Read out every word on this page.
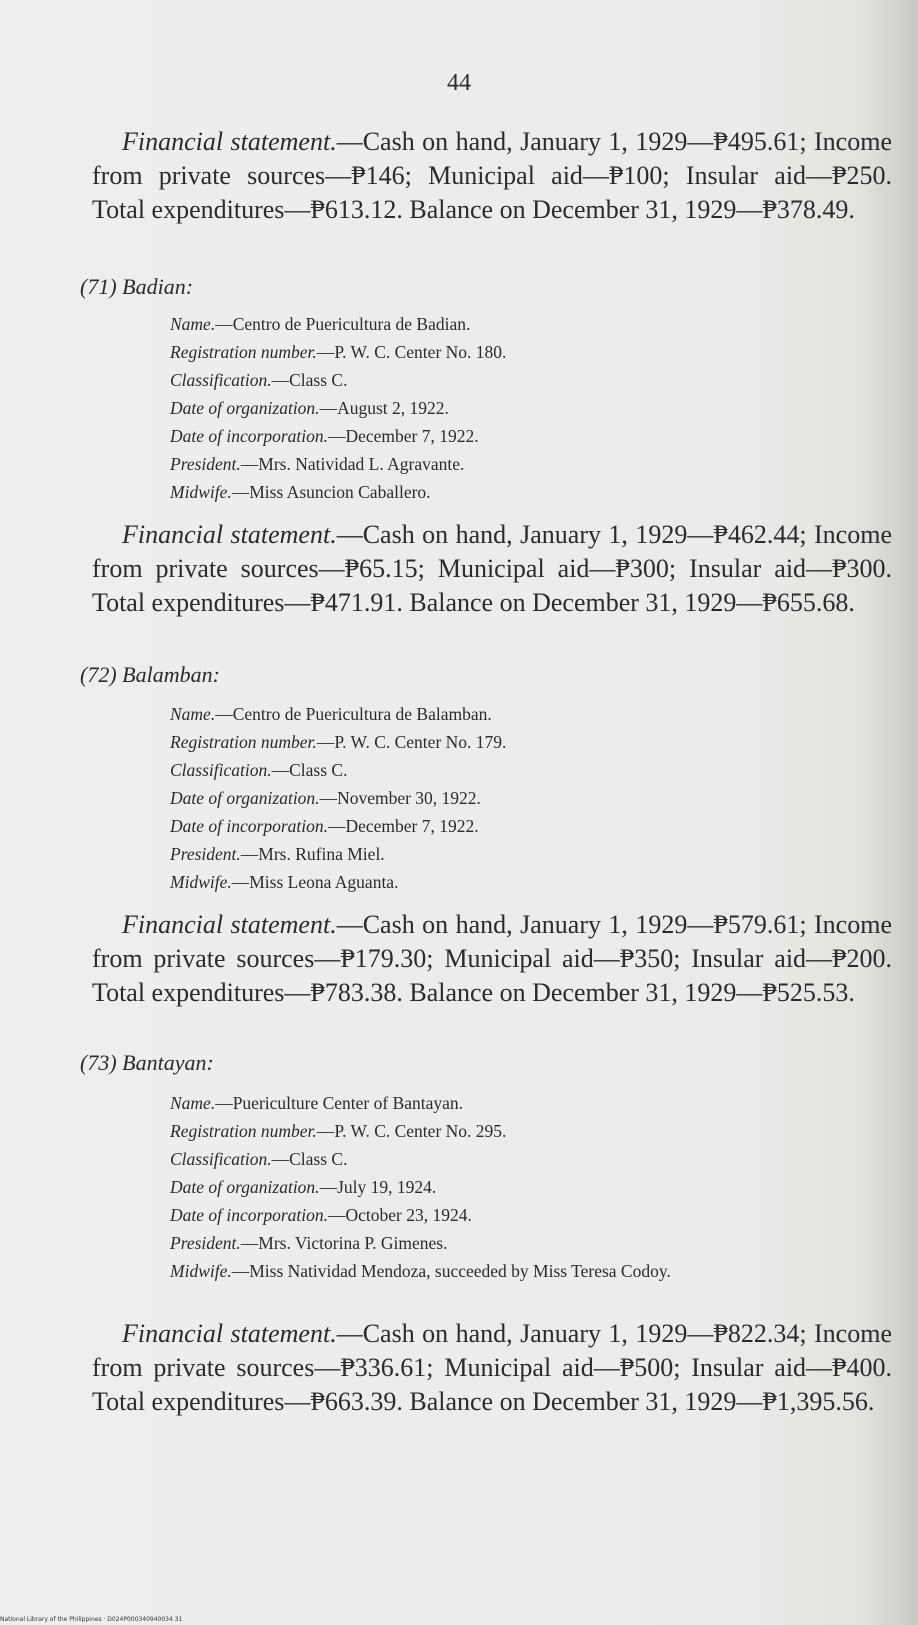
44

Financial statement.—Cash on hand, January 1, 1929—₱495.61; Income from private sources—₱146; Municipal aid—₱100; Insular aid—₱250. Total expenditures—₱613.12. Balance on December 31, 1929—₱378.49.

(71) Badian:
Name.—Centro de Puericultura de Badian.
Registration number.—P. W. C. Center No. 180.
Classification.—Class C.
Date of organization.—August 2, 1922.
Date of incorporation.—December 7, 1922.
President.—Mrs. Natividad L. Agravante.
Midwife.—Miss Asuncion Caballero.

Financial statement.—Cash on hand, January 1, 1929—₱462.44; Income from private sources—₱65.15; Municipal aid—₱300; Insular aid—₱300. Total expenditures—₱471.91. Balance on December 31, 1929—₱655.68.

(72) Balamban:
Name.—Centro de Puericultura de Balamban.
Registration number.—P. W. C. Center No. 179.
Classification.—Class C.
Date of organization.—November 30, 1922.
Date of incorporation.—December 7, 1922.
President.—Mrs. Rufina Miel.
Midwife.—Miss Leona Aguanta.

Financial statement.—Cash on hand, January 1, 1929—₱579.61; Income from private sources—₱179.30; Municipal aid—₱350; Insular aid—₱200. Total expenditures—₱783.38. Balance on December 31, 1929—₱525.53.

(73) Bantayan:
Name.—Puericulture Center of Bantayan.
Registration number.—P. W. C. Center No. 295.
Classification.—Class C.
Date of organization.—July 19, 1924.
Date of incorporation.—October 23, 1924.
President.—Mrs. Victorina P. Gimenes.
Midwife.—Miss Natividad Mendoza, succeeded by Miss Teresa Codoy.

Financial statement.—Cash on hand, January 1, 1929—₱822.34; Income from private sources—₱336.61; Municipal aid—₱500; Insular aid—₱400. Total expenditures—₱663.39. Balance on December 31, 1929—₱1,395.56.

National Library of the Philippines · D024P000340940034 31
